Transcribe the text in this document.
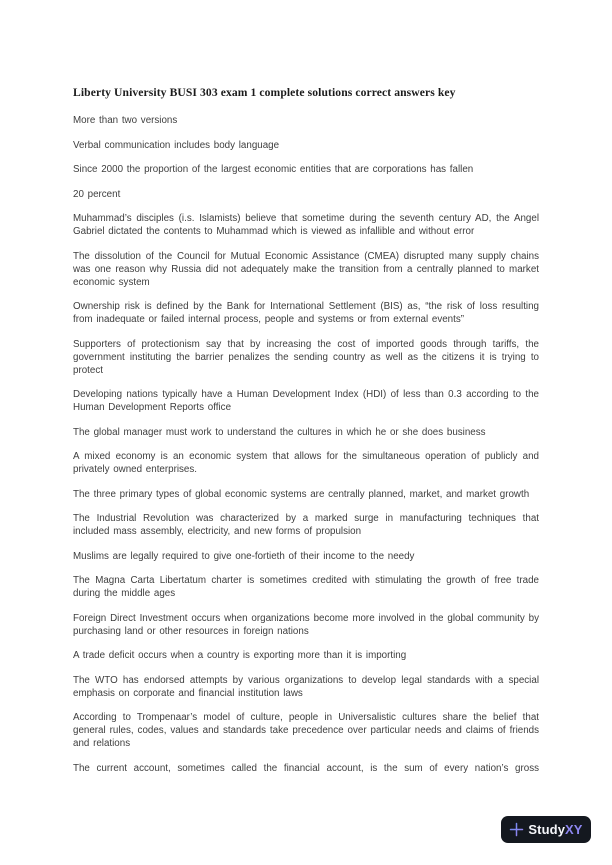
Liberty University BUSI 303 exam 1 complete solutions correct answers key

More than two versions

Verbal communication includes body language

Since 2000 the proportion of the largest economic entities that are corporations has fallen

20 percent

Muhammad’s disciples (i.s. Islamists) believe that sometime during the seventh century AD, the Angel Gabriel dictated the contents to Muhammad which is viewed as infallible and without error

The dissolution of the Council for Mutual Economic Assistance (CMEA) disrupted many supply chains was one reason why Russia did not adequately make the transition from a centrally planned to market economic system

Ownership risk is defined by the Bank for International Settlement (BIS) as, “the risk of loss resulting from inadequate or failed internal process, people and systems or from external events”

Supporters of protectionism say that by increasing the cost of imported goods through tariffs, the government instituting the barrier penalizes the sending country as well as the citizens it is trying to protect

Developing nations typically have a Human Development Index (HDI) of less than 0.3 according to the Human Development Reports office

The global manager must work to understand the cultures in which he or she does business

A mixed economy is an economic system that allows for the simultaneous operation of publicly and privately owned enterprises.

The three primary types of global economic systems are centrally planned, market, and market growth

The Industrial Revolution was characterized by a marked surge in manufacturing techniques that included mass assembly, electricity, and new forms of propulsion

Muslims are legally required to give one-fortieth of their income to the needy

The Magna Carta Libertatum charter is sometimes credited with stimulating the growth of free trade during the middle ages

Foreign Direct Investment occurs when organizations become more involved in the global community by purchasing land or other resources in foreign nations

A trade deficit occurs when a country is exporting more than it is importing

The WTO has endorsed attempts by various organizations to develop legal standards with a special emphasis on corporate and financial institution laws

According to Trompenaar’s model of culture, people in Universalistic cultures share the belief that general rules, codes, values and standards take precedence over particular needs and claims of friends and relations

The current account, sometimes called the financial account, is the sum of every nation’s gross

StudyXY
